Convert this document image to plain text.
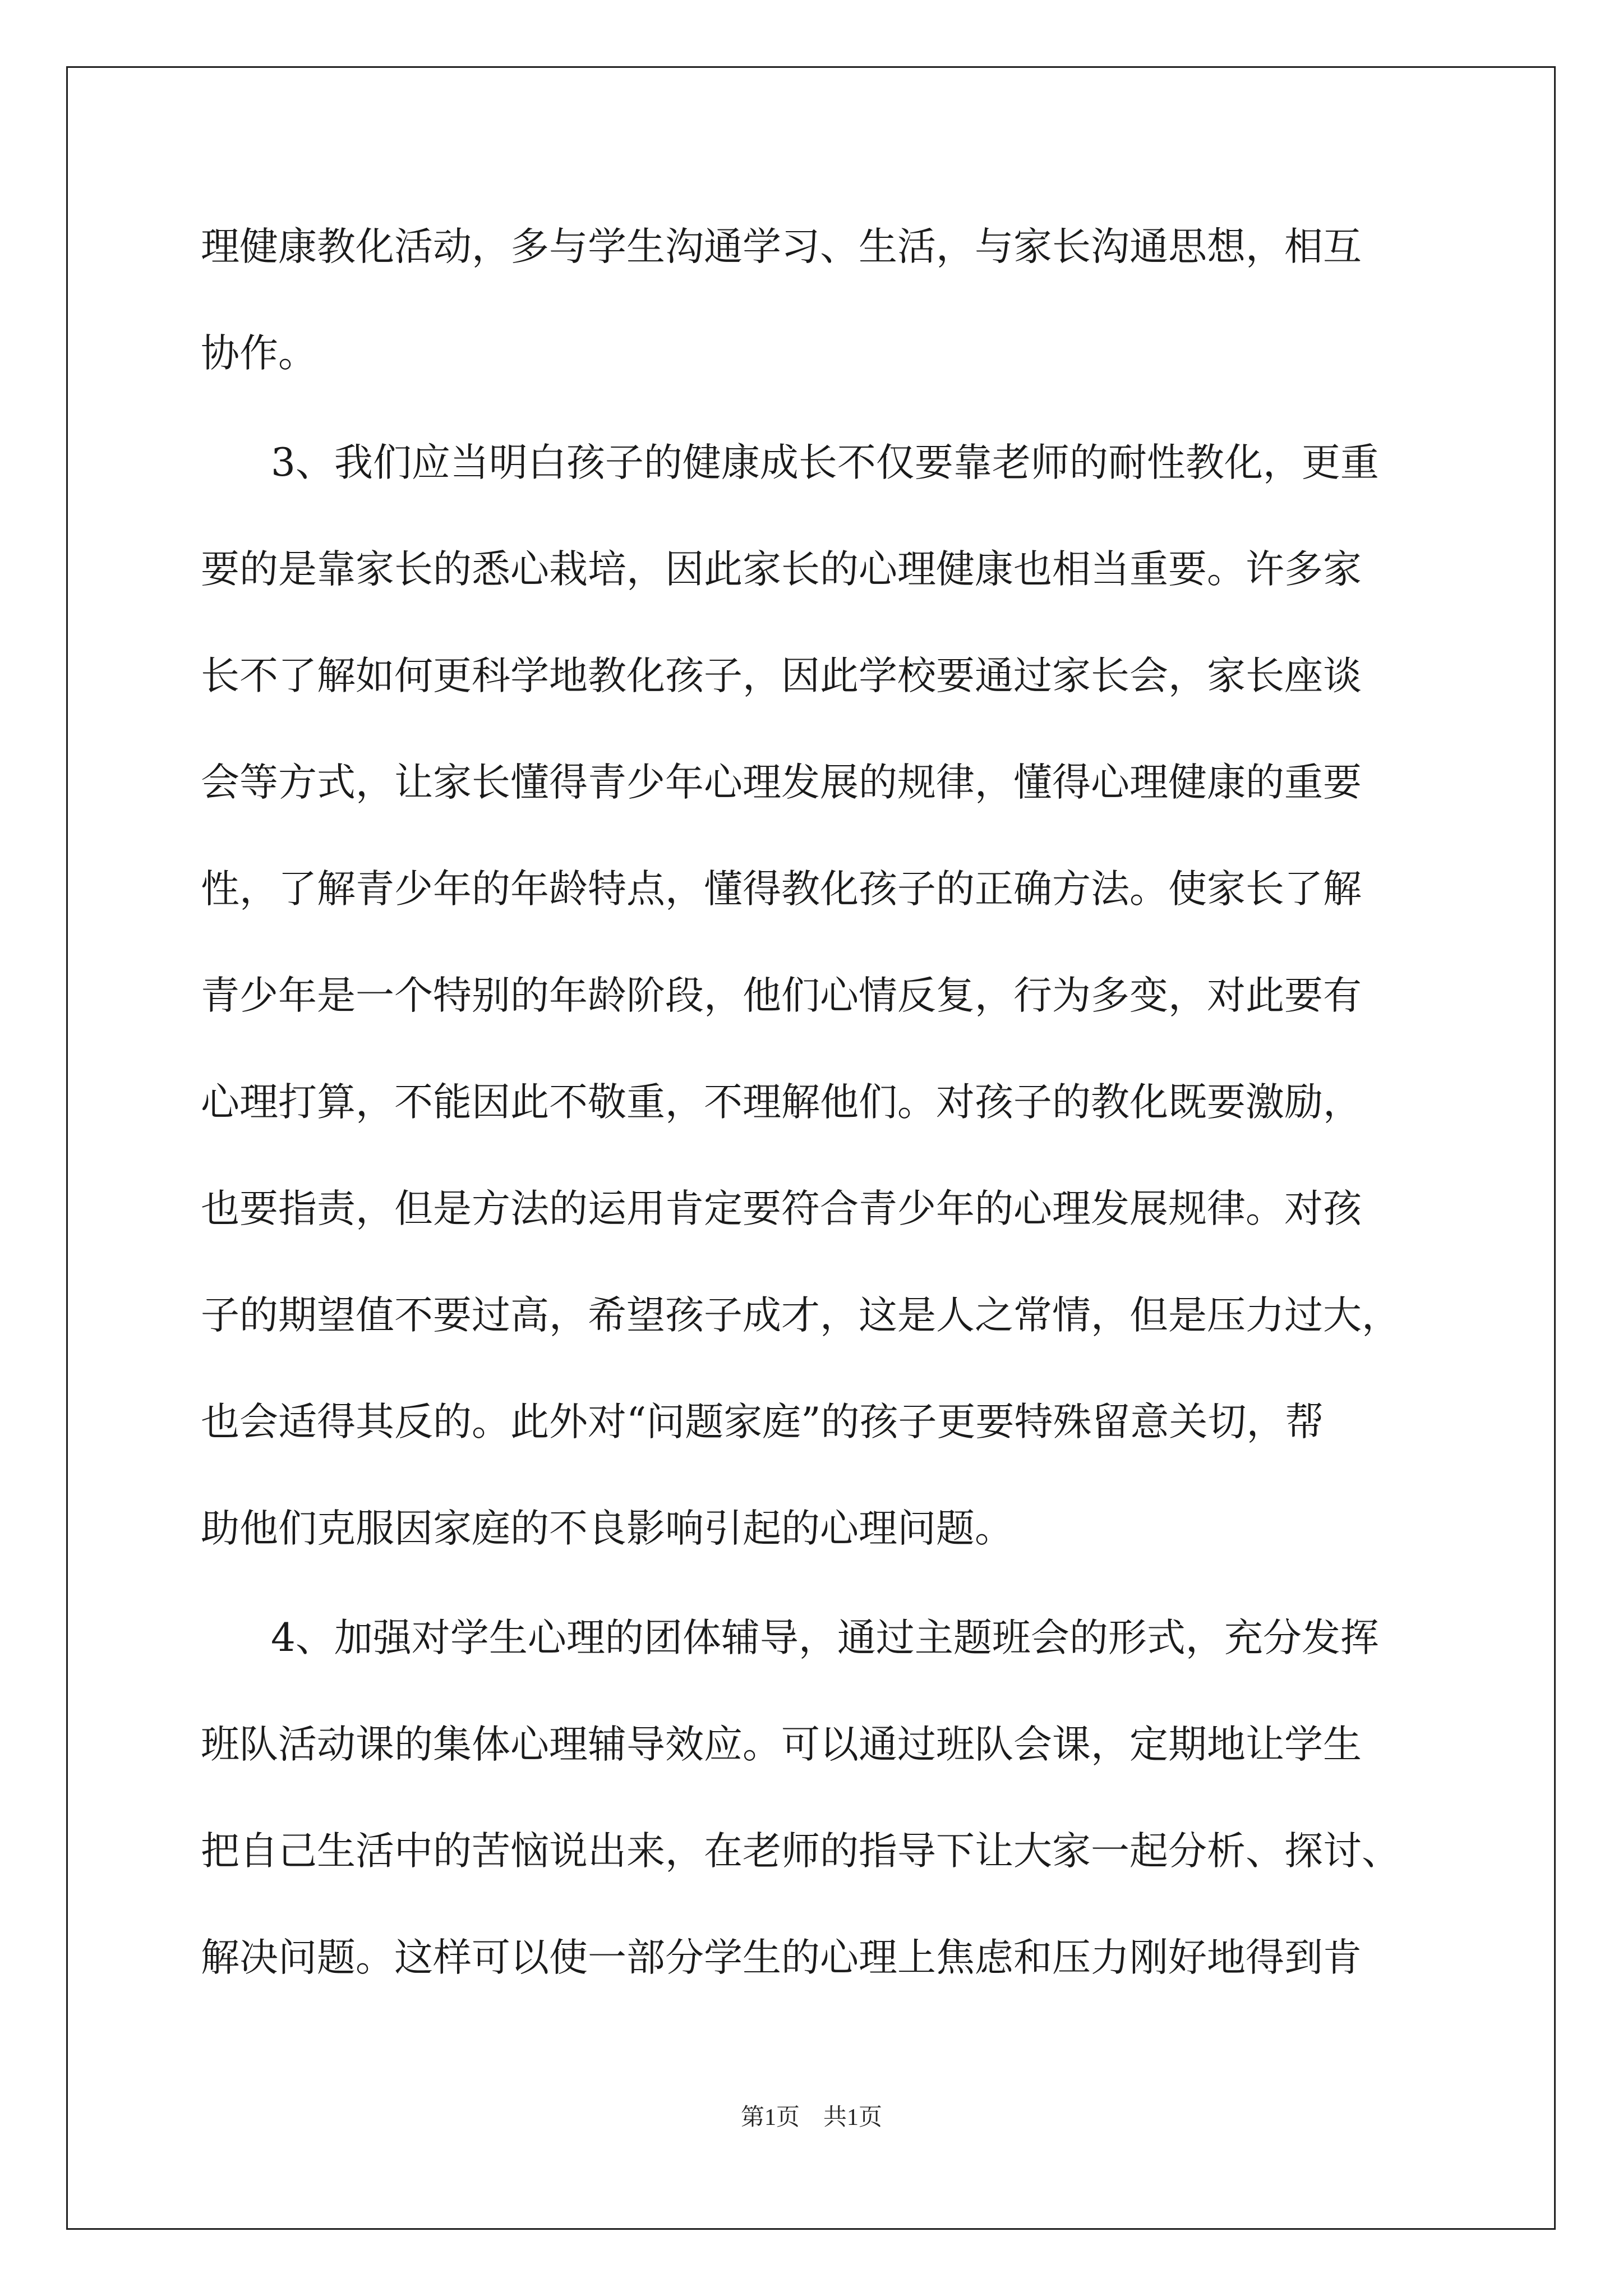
理健康教化活动，多与学生沟通学习、生活，与家长沟通思想，相互
协作。
3、我们应当明白孩子的健康成长不仅要靠老师的耐性教化，更重
要的是靠家长的悉心栽培，因此家长的心理健康也相当重要。许多家
长不了解如何更科学地教化孩子，因此学校要通过家长会，家长座谈
会等方式，让家长懂得青少年心理发展的规律，懂得心理健康的重要
性，了解青少年的年龄特点，懂得教化孩子的正确方法。使家长了解
青少年是一个特别的年龄阶段，他们心情反复，行为多变，对此要有
心理打算，不能因此不敬重，不理解他们。对孩子的教化既要激励，
也要指责，但是方法的运用肯定要符合青少年的心理发展规律。对孩
子的期望值不要过高，希望孩子成才，这是人之常情，但是压力过大，
也会适得其反的。此外对“问题家庭”的孩子更要特殊留意关切，帮
助他们克服因家庭的不良影响引起的心理问题。
4、加强对学生心理的团体辅导，通过主题班会的形式，充分发挥
班队活动课的集体心理辅导效应。可以通过班队会课，定期地让学生
把自己生活中的苦恼说出来，在老师的指导下让大家一起分析、探讨、
解决问题。这样可以使一部分学生的心理上焦虑和压力刚好地得到肯
第1页　共1页
